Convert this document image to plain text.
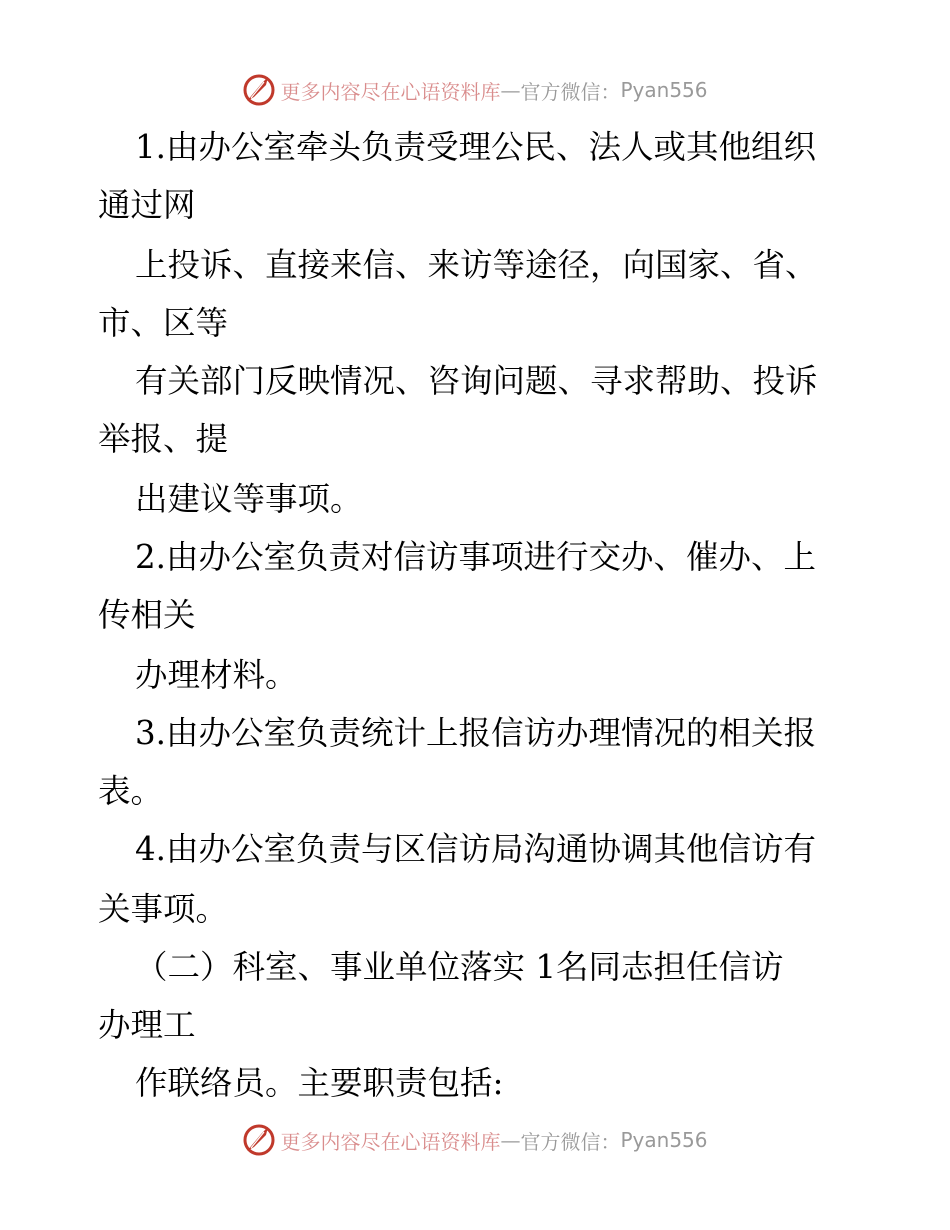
更多内容尽在心语资料库 — 官方微信： Pyan556
1.由办公室牵头负责受理公民、法人或其他组织
通过网
上投诉、直接来信、来访等途径，向国家、省、
市、区等
有关部门反映情况、咨询问题、寻求帮助、投诉
举报、提
出建议等事项。
2.由办公室负责对信访事项进行交办、催办、上
传相关
办理材料。
3.由办公室负责统计上报信访办理情况的相关报
表。
4.由办公室负责与区信访局沟通协调其他信访有
关事项。
（二）科室、事业单位落实 1名同志担任信访
办理工
作联络员。主要职责包括:
更多内容尽在心语资料库 — 官方微信： Pyan556
